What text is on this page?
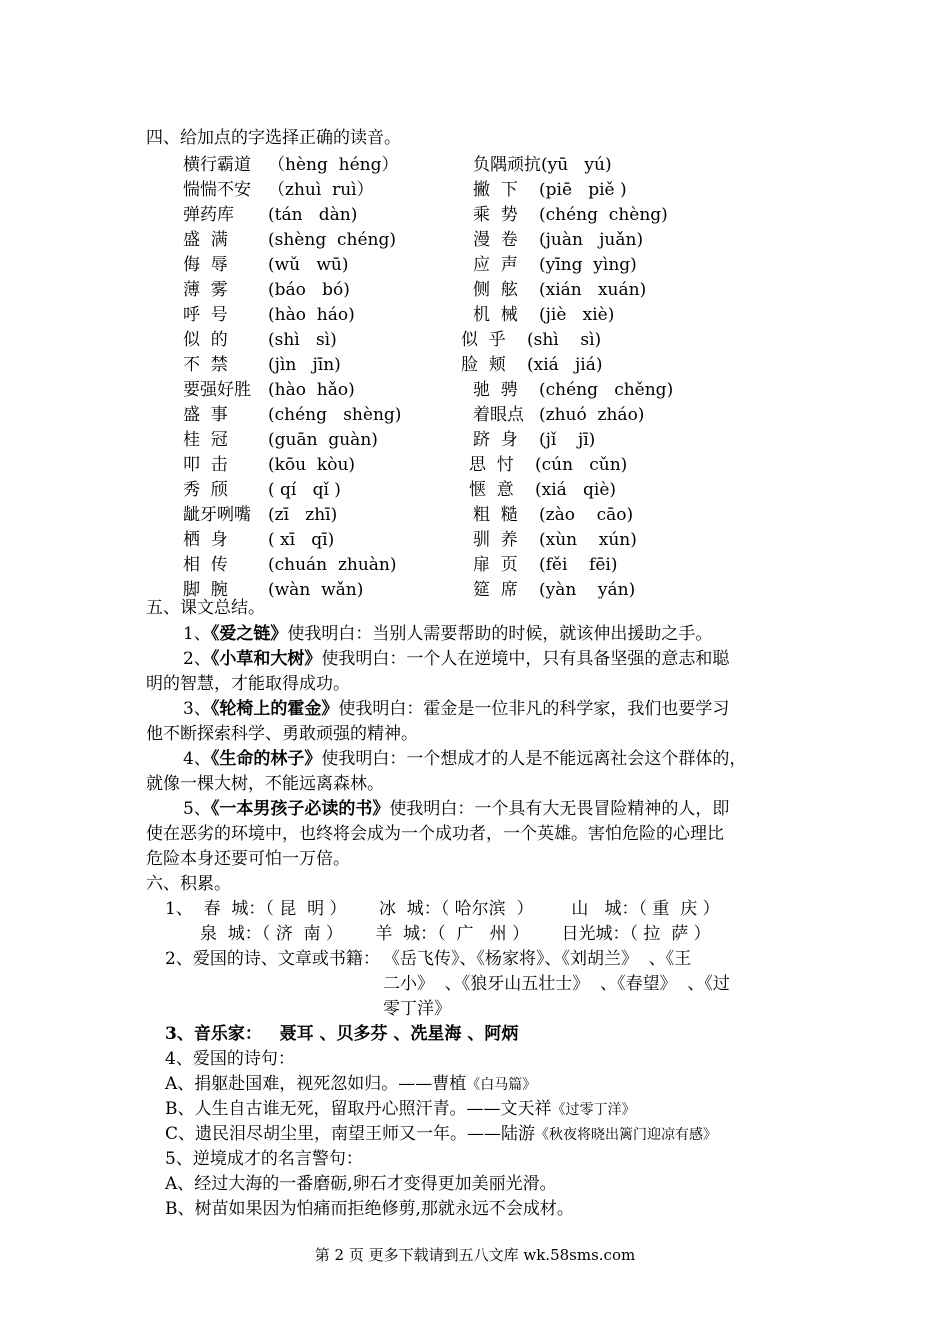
四、给加点的字选择正确的读音。
横行霸道 （hèng  héng）	负隅顽抗(yū   yú)
惴惴不安 （zhuì  ruì）	撇  下 (piē   piě )
弹药库 (tán   dàn)	乘  势 (chéng  chèng)
盛  满 (shèng  chéng)	漫  卷 (juàn   juǎn)
侮  辱 (wǔ   wū)	应  声 (yīng  yìng)
薄  雾 (báo   bó)	侧  舷 (xián   xuán)
呼  号 (hào  háo)	机  械 (jiè   xiè)
似  的 (shì   sì)	似  乎 (shì    sì)
不  禁 (jìn   jīn)	脸  颊 (xiá   jiá)
要强好胜 (hào  hǎo)	驰  骋 (chéng   chěng)
盛  事 (chéng   shèng)	着眼点 (zhuó  zháo)
桂  冠 (guān  guàn)	跻  身 (jǐ    jī)
叩  击 (kōu  kòu)	思  忖 (cún   cǔn)
秀  颀 ( qí   qǐ )	惬  意 (xiá   qiè)
龇牙咧嘴 (zī   zhī)	粗  糙 (zào    cāo)
栖  身 ( xī   qī)	驯  养 (xùn    xún)
相  传 (chuán  zhuàn)	扉  页 (fěi    fēi)
脚  腕 (wàn  wǎn)	筵  席 (yàn    yán)
五、课文总结。
1、《爱之链》使我明白：当别人需要帮助的时候，就该伸出援助之手。
2、《小草和大树》使我明白：一个人在逆境中，只有具备坚强的意志和聪
明的智慧，才能取得成功。
3、《轮椅上的霍金》使我明白：霍金是一位非凡的科学家，我们也要学习
他不断探索科学、勇敢顽强的精神。
4、《生命的林子》使我明白：一个想成才的人是不能远离社会这个群体的，
就像一棵大树，不能远离森林。
5、《一本男孩子必读的书》使我明白：一个具有大无畏冒险精神的人，即
使在恶劣的环境中，也终将会成为一个成功者，一个英雄。害怕危险的心理比
危险本身还要可怕一万倍。
六、积累。
1、  春  城：（ 昆  明 ）      冰  城：（ 哈尔滨  ）       山   城：（ 重  庆 ）
泉  城：（ 济  南 ）      羊  城：（  广   州 ）      日光城：（ 拉  萨 ）
2、爱国的诗、文章或书籍： 《岳飞传》、《杨家将》、《刘胡兰》  、《王
二小》  、《狼牙山五壮士》  、《春望》  、《过
零丁洋》
3、音乐家：   聂耳 、贝多芬 、冼星海 、阿炳
4、爱国的诗句：
A、捐躯赴国难，视死忽如归。——曹植《白马篇》
B、人生自古谁无死，留取丹心照汗青。——文天祥《过零丁洋》
C、遗民泪尽胡尘里，南望王师又一年。——陆游《秋夜将晓出篱门迎凉有感》
5、逆境成才的名言警句：
A、经过大海的一番磨砺,卵石才变得更加美丽光滑。
B、树苗如果因为怕痛而拒绝修剪,那就永远不会成材。
第 2 页 更多下载请到五八文库 wk.58sms.com
